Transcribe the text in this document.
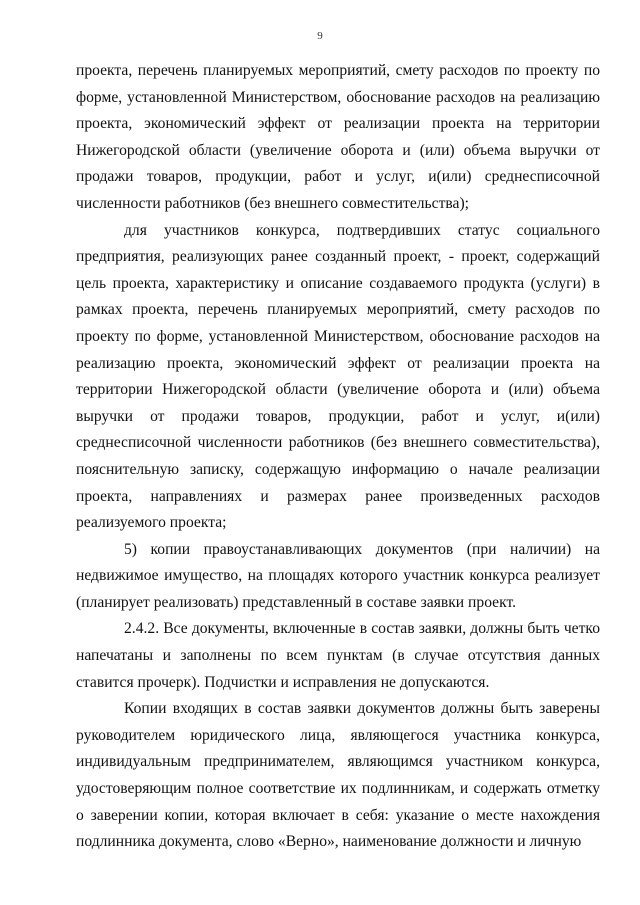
9

проекта, перечень планируемых мероприятий, смету расходов по проекту по форме, установленной Министерством, обоснование расходов на реализацию проекта, экономический эффект от реализации проекта на территории Нижегородской области (увеличение оборота и (или) объема выручки от продажи товаров, продукции, работ и услуг, и(или) среднесписочной численности работников (без внешнего совместительства);

для участников конкурса, подтвердивших статус социального предприятия, реализующих ранее созданный проект, - проект, содержащий цель проекта, характеристику и описание создаваемого продукта (услуги) в рамках проекта, перечень планируемых мероприятий, смету расходов по проекту по форме, установленной Министерством, обоснование расходов на реализацию проекта, экономический эффект от реализации проекта на территории Нижегородской области (увеличение оборота и (или) объема выручки от продажи товаров, продукции, работ и услуг, и(или) среднесписочной численности работников (без внешнего совместительства), пояснительную записку, содержащую информацию о начале реализации проекта, направлениях и размерах ранее произведенных расходов реализуемого проекта;

5) копии правоустанавливающих документов (при наличии) на недвижимое имущество, на площадях которого участник конкурса реализует (планирует реализовать) представленный в составе заявки проект.

2.4.2. Все документы, включенные в состав заявки, должны быть четко напечатаны и заполнены по всем пунктам (в случае отсутствия данных ставится прочерк). Подчистки и исправления не допускаются.

Копии входящих в состав заявки документов должны быть заверены руководителем юридического лица, являющегося участника конкурса, индивидуальным предпринимателем, являющимся участником конкурса, удостоверяющим полное соответствие их подлинникам, и содержать отметку о заверении копии, которая включает в себя: указание о месте нахождения подлинника документа, слово «Верно», наименование должности и личную
